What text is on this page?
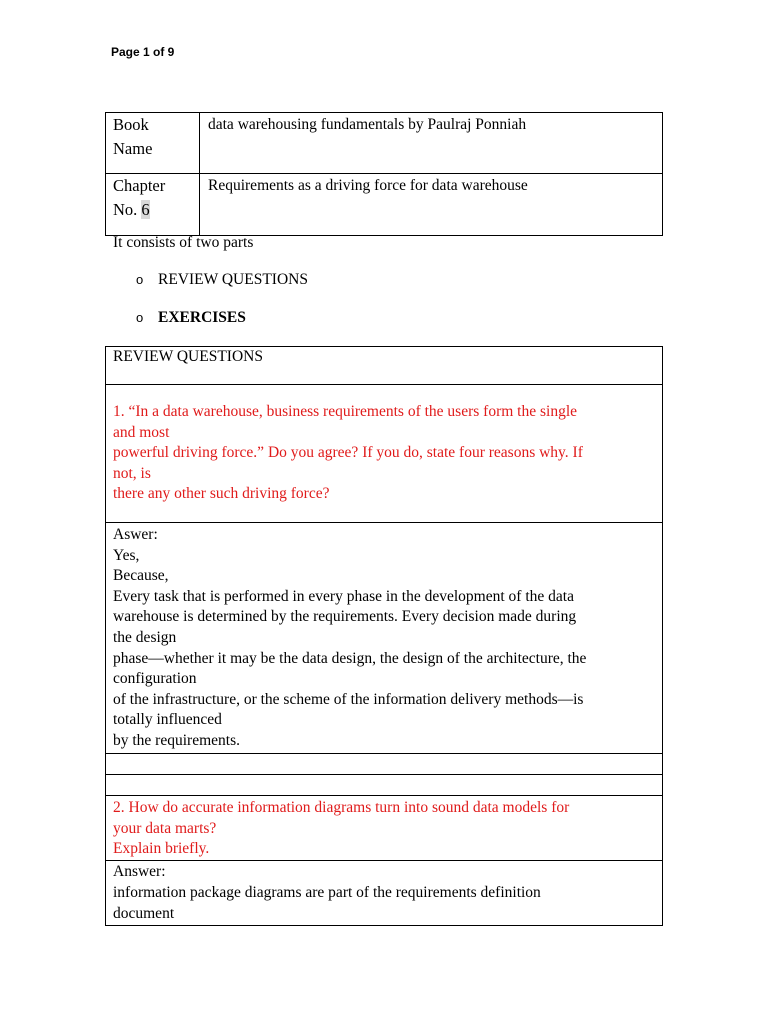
Page 1 of 9
Book
Name	data warehousing fundamentals by Paulraj Ponniah

Chapter
No. 6	Requirements as a driving force for data warehouse
It consists of two parts
o REVIEW QUESTIONS
o EXERCISES
REVIEW QUESTIONS

1. “In a data warehouse, business requirements of the users form the single
and most
powerful driving force.” Do you agree? If you do, state four reasons why. If
not, is
there any other such driving force?

Aswer:
Yes,
Because,
Every task that is performed in every phase in the development of the data
warehouse is determined by the requirements. Every decision made during
the design
phase—whether it may be the data design, the design of the architecture, the
configuration
of the infrastructure, or the scheme of the information delivery methods—is
totally influenced
by the requirements.

2. How do accurate information diagrams turn into sound data models for
your data marts?
Explain briefly.

Answer:
information package diagrams are part of the requirements definition
document
